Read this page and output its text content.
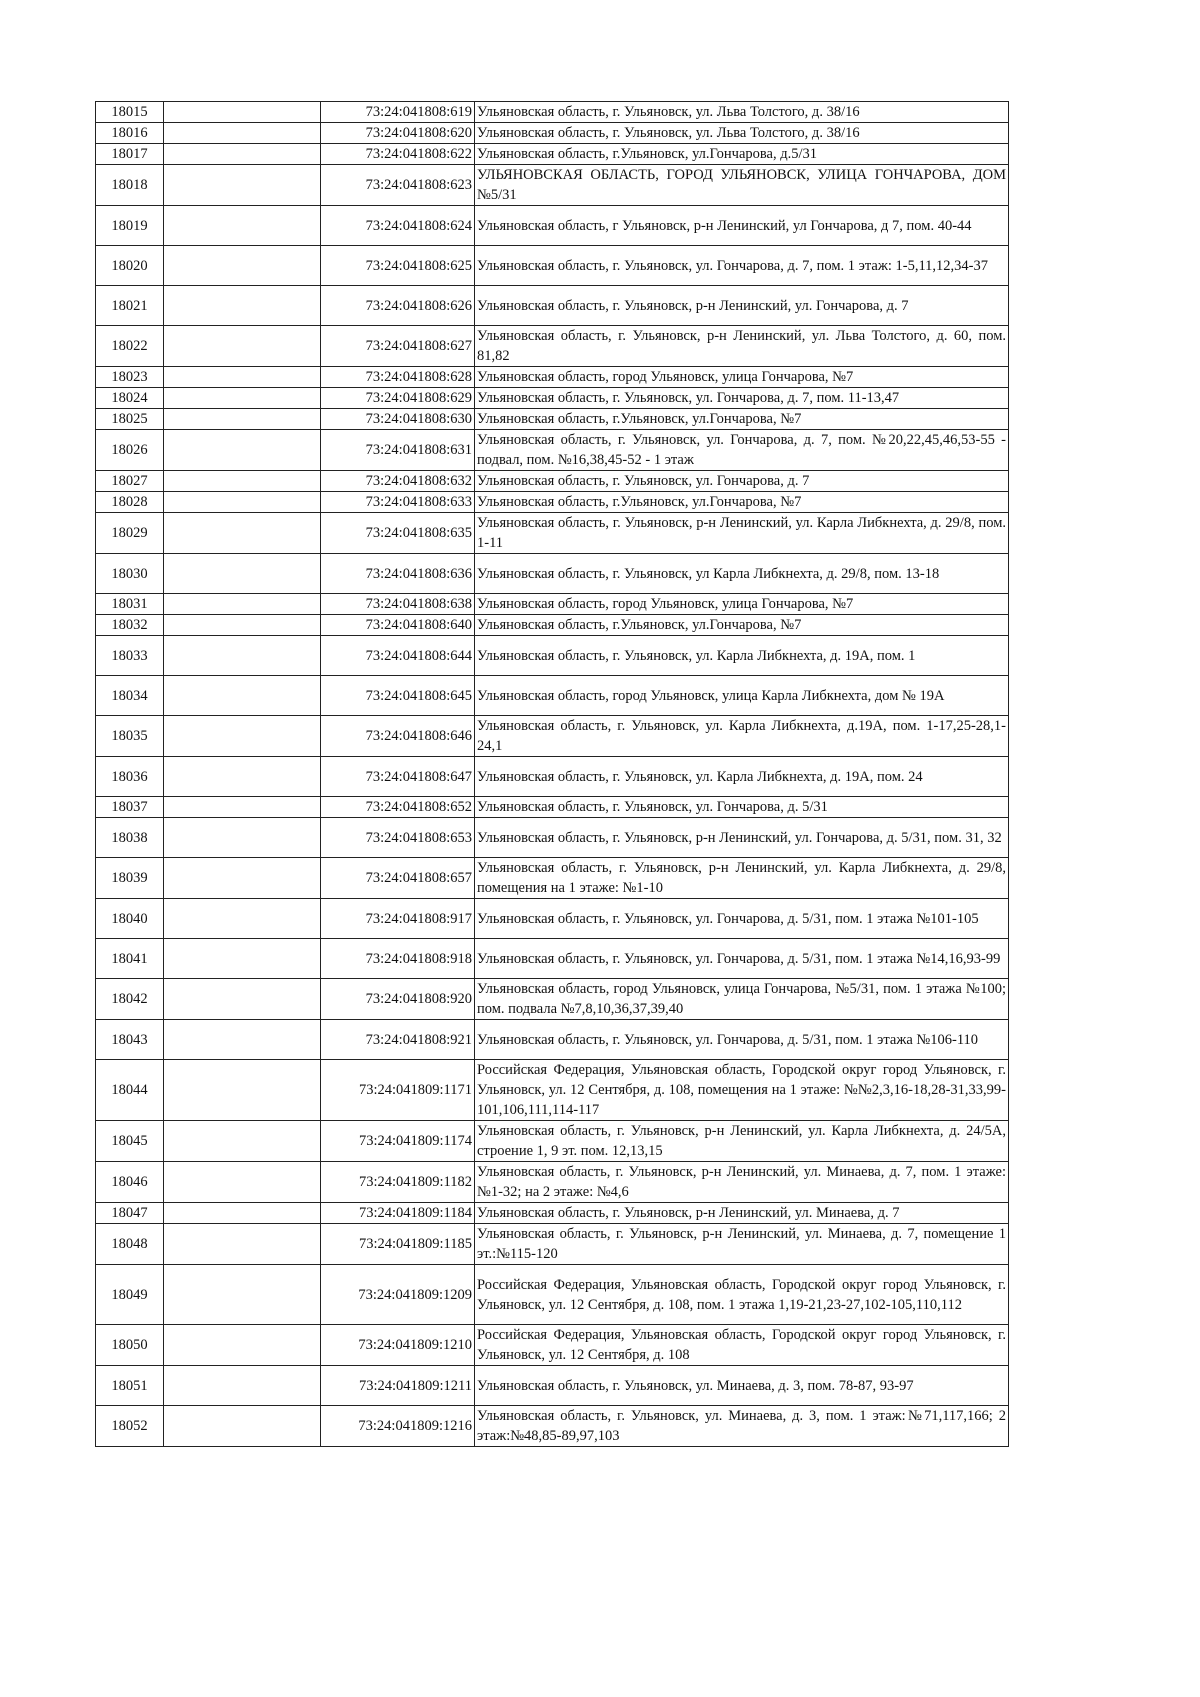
18015		73:24:041808:619	Ульяновская область, г. Ульяновск, ул. Льва Толстого, д. 38/16
18016		73:24:041808:620	Ульяновская область, г. Ульяновск, ул. Льва Толстого, д. 38/16
18017		73:24:041808:622	Ульяновская область, г.Ульяновск, ул.Гончарова, д.5/31
18018		73:24:041808:623	УЛЬЯНОВСКАЯ ОБЛАСТЬ, ГОРОД УЛЬЯНОВСК, УЛИЦА ГОНЧАРОВА, ДОМ №5/31
18019		73:24:041808:624	Ульяновская область, г Ульяновск, р-н Ленинский, ул Гончарова, д 7, пом. 40-44
18020		73:24:041808:625	Ульяновская область, г. Ульяновск, ул. Гончарова, д. 7, пом. 1 этаж: 1-5,11,12,34-37
18021		73:24:041808:626	Ульяновская область, г. Ульяновск, р-н Ленинский, ул. Гончарова, д. 7
18022		73:24:041808:627	Ульяновская область, г. Ульяновск, р-н Ленинский, ул. Льва Толстого, д. 60, пом. 81,82
18023		73:24:041808:628	Ульяновская область, город Ульяновск, улица Гончарова, №7
18024		73:24:041808:629	Ульяновская область, г. Ульяновск, ул. Гончарова, д. 7, пом. 11-13,47
18025		73:24:041808:630	Ульяновская область, г.Ульяновск, ул.Гончарова, №7
18026		73:24:041808:631	Ульяновская область, г. Ульяновск, ул. Гончарова, д. 7, пом. №20,22,45,46,53-55 - подвал, пом. №16,38,45-52 - 1 этаж
18027		73:24:041808:632	Ульяновская область, г. Ульяновск, ул. Гончарова, д. 7
18028		73:24:041808:633	Ульяновская область, г.Ульяновск, ул.Гончарова, №7
18029		73:24:041808:635	Ульяновская область, г. Ульяновск, р-н Ленинский, ул. Карла Либкнехта, д. 29/8, пом. 1-11
18030		73:24:041808:636	Ульяновская область, г. Ульяновск, ул Карла Либкнехта, д. 29/8, пом. 13-18
18031		73:24:041808:638	Ульяновская область, город Ульяновск, улица Гончарова, №7
18032		73:24:041808:640	Ульяновская область, г.Ульяновск, ул.Гончарова, №7
18033		73:24:041808:644	Ульяновская область, г. Ульяновск, ул. Карла Либкнехта, д. 19А, пом. 1
18034		73:24:041808:645	Ульяновская область, город Ульяновск, улица Карла Либкнехта, дом № 19А
18035		73:24:041808:646	Ульяновская область, г. Ульяновск, ул. Карла Либкнехта, д.19А, пом. 1-17,25-28,1-24,1
18036		73:24:041808:647	Ульяновская область, г. Ульяновск, ул. Карла Либкнехта, д. 19А, пом. 24
18037		73:24:041808:652	Ульяновская область, г. Ульяновск, ул. Гончарова, д. 5/31
18038		73:24:041808:653	Ульяновская область, г. Ульяновск, р-н Ленинский, ул. Гончарова, д. 5/31, пом. 31, 32
18039		73:24:041808:657	Ульяновская область, г. Ульяновск, р-н Ленинский, ул. Карла Либкнехта, д. 29/8, помещения на 1 этаже: №1-10
18040		73:24:041808:917	Ульяновская область, г. Ульяновск, ул. Гончарова, д. 5/31, пом. 1 этажа №101-105
18041		73:24:041808:918	Ульяновская область, г. Ульяновск, ул. Гончарова, д. 5/31, пом. 1 этажа №14,16,93-99
18042		73:24:041808:920	Ульяновская область, город Ульяновск, улица Гончарова, №5/31, пом. 1 этажа №100; пом. подвала №7,8,10,36,37,39,40
18043		73:24:041808:921	Ульяновская область, г. Ульяновск, ул. Гончарова, д. 5/31, пом. 1 этажа №106-110
18044		73:24:041809:1171	Российская Федерация, Ульяновская область, Городской округ город Ульяновск, г. Ульяновск, ул. 12 Сентября, д. 108, помещения на 1 этаже: №№2,3,16-18,28-31,33,99-101,106,111,114-117
18045		73:24:041809:1174	Ульяновская область, г. Ульяновск, р-н Ленинский, ул. Карла Либкнехта, д. 24/5А, строение 1, 9 эт. пом. 12,13,15
18046		73:24:041809:1182	Ульяновская область, г. Ульяновск, р-н Ленинский, ул. Минаева, д. 7, пом. 1 этаже: №1-32; на 2 этаже: №4,6
18047		73:24:041809:1184	Ульяновская область, г. Ульяновск, р-н Ленинский, ул. Минаева, д. 7
18048		73:24:041809:1185	Ульяновская область, г. Ульяновск, р-н Ленинский, ул. Минаева, д. 7, помещение 1 эт.:№115-120
18049		73:24:041809:1209	Российская Федерация, Ульяновская область, Городской округ город Ульяновск, г. Ульяновск, ул. 12 Сентября, д. 108, пом. 1 этажа 1,19-21,23-27,102-105,110,112
18050		73:24:041809:1210	Российская Федерация, Ульяновская область, Городской округ город Ульяновск, г. Ульяновск, ул. 12 Сентября, д. 108
18051		73:24:041809:1211	Ульяновская область, г. Ульяновск, ул. Минаева, д. 3, пом. 78-87, 93-97
18052		73:24:041809:1216	Ульяновская область, г. Ульяновск, ул. Минаева, д. 3, пом. 1 этаж:№71,117,166; 2 этаж:№48,85-89,97,103
